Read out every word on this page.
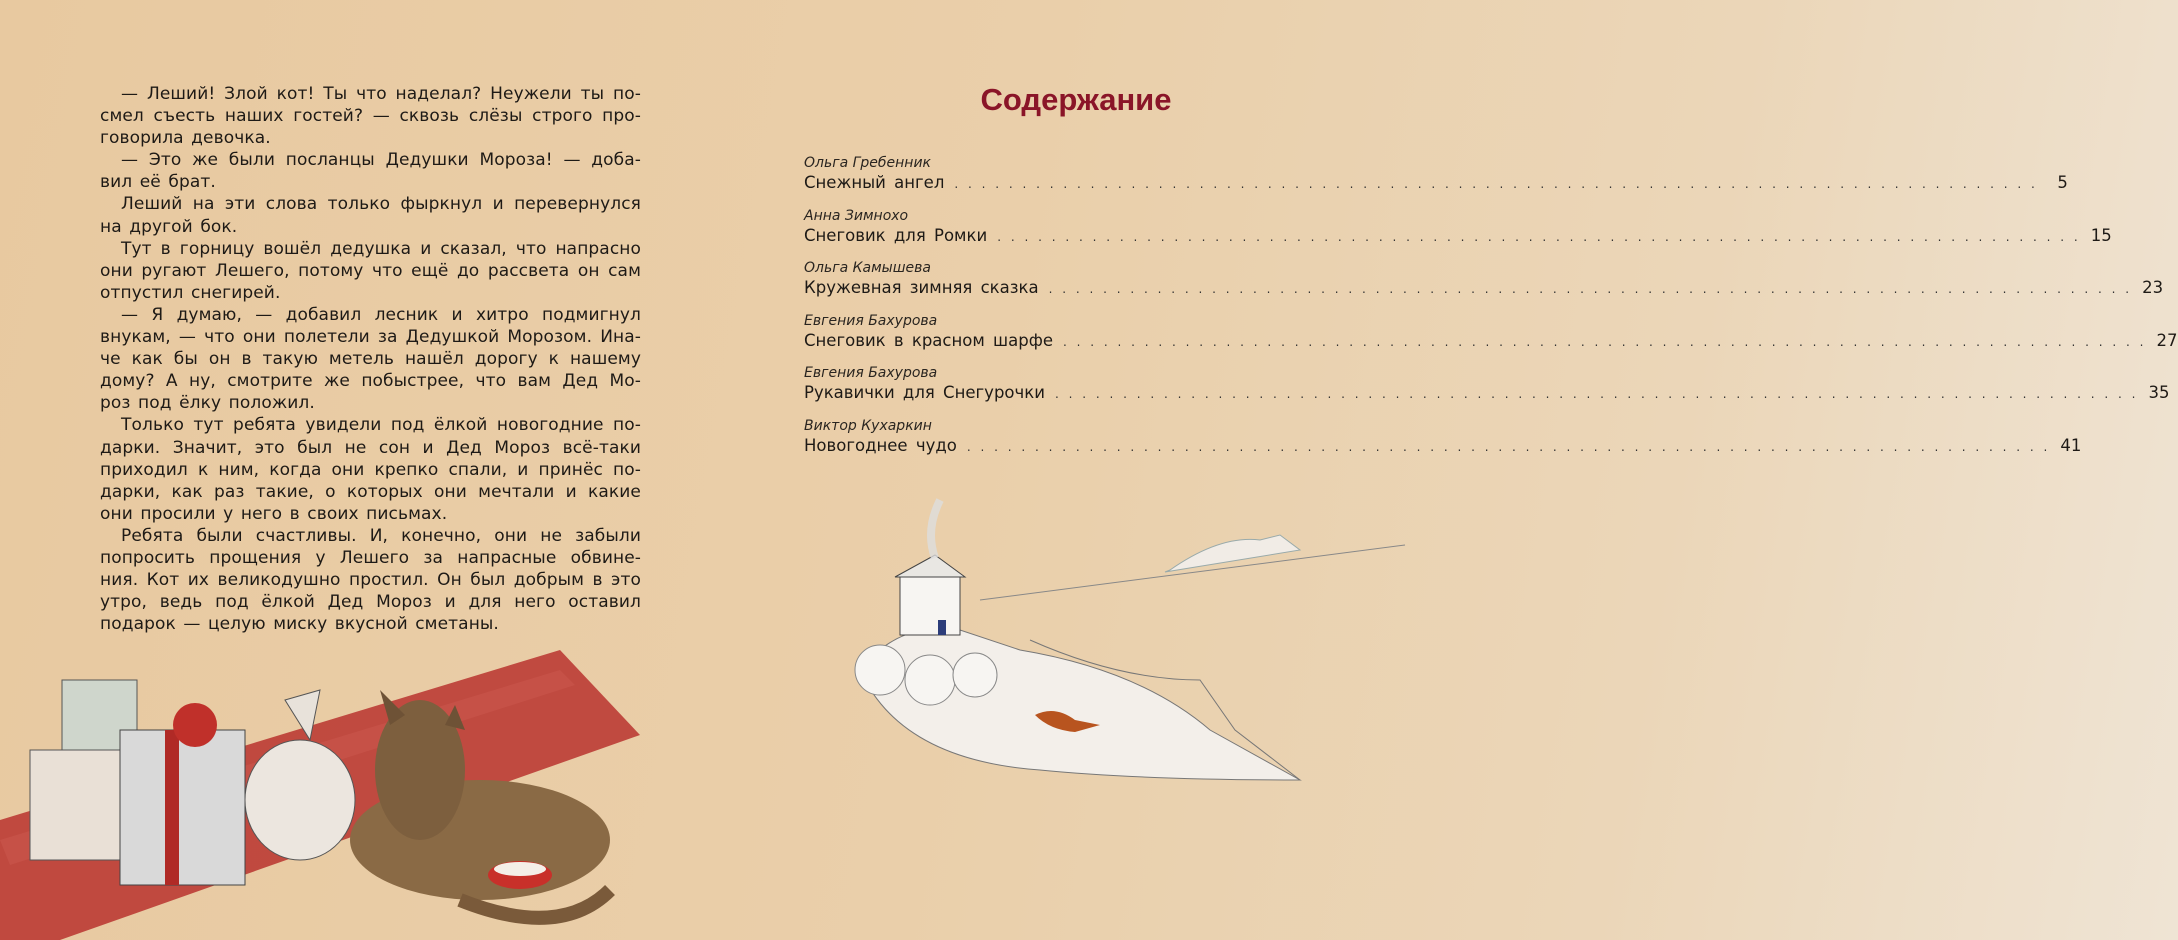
— Леший! Злой кот! Ты что наделал? Неужели ты по-
смел съесть наших гостей? — сквозь слёзы строго про-
говорила девочка.
— Это же были посланцы Дедушки Мороза! — доба-
вил её брат.
Леший на эти слова только фыркнул и перевернулся
на другой бок.
Тут в горницу вошёл дедушка и сказал, что напрасно
они ругают Лешего, потому что ещё до рассвета он сам
отпустил снегирей.
— Я думаю, — добавил лесник и хитро подмигнул
внукам, — что они полетели за Дедушкой Морозом. Ина-
че как бы он в такую метель нашёл дорогу к нашему
дому? А ну, смотрите же побыстрее, что вам Дед Мо-
роз под ёлку положил.
Только тут ребята увидели под ёлкой новогодние по-
дарки. Значит, это был не сон и Дед Мороз всё-таки
приходил к ним, когда они крепко спали, и принёс по-
дарки, как раз такие, о которых они мечтали и какие
они просили у него в своих письмах.
Ребята были счастливы. И, конечно, они не забыли
попросить прощения у Лешего за напрасные обвине-
ния. Кот их великодушно простил. Он был добрым в это
утро, ведь под ёлкой Дед Мороз и для него оставил
подарок — целую миску вкусной сметаны.
Содержание
Ольга Гребенник
Снежный ангел . . . . . . . . . . . . . . . . . . . . . . . . . . . . . . . . . . . . . . . . . . . . . . . . . . . . . . . . . . . . . . . . . . . . . . . . . . . . . . . .	5
Анна Зимнохо
Снеговик для Ромки . . . . . . . . . . . . . . . . . . . . . . . . . . . . . . . . . . . . . . . . . . . . . . . . . . . . . . . . . . . . . . . . . . . . . . . . . . . . . . . . 15
Ольга Камышева
Кружевная зимняя сказка . . . . . . . . . . . . . . . . . . . . . . . . . . . . . . . . . . . . . . . . . . . . . . . . . . . . . . . . . . . . . . . . . . . . . . . . . . . . . . . . 23
Евгения Бахурова
Снеговик в красном шарфе . . . . . . . . . . . . . . . . . . . . . . . . . . . . . . . . . . . . . . . . . . . . . . . . . . . . . . . . . . . . . . . . . . . . . . . . . . . . . . . . 27
Евгения Бахурова
Рукавички для Снегурочки . . . . . . . . . . . . . . . . . . . . . . . . . . . . . . . . . . . . . . . . . . . . . . . . . . . . . . . . . . . . . . . . . . . . . . . . . . . . . . . . 35
Виктор Кухаркин
Новогоднее чудо . . . . . . . . . . . . . . . . . . . . . . . . . . . . . . . . . . . . . . . . . . . . . . . . . . . . . . . . . . . . . . . . . . . . . . . . . . . . . . . . 41
